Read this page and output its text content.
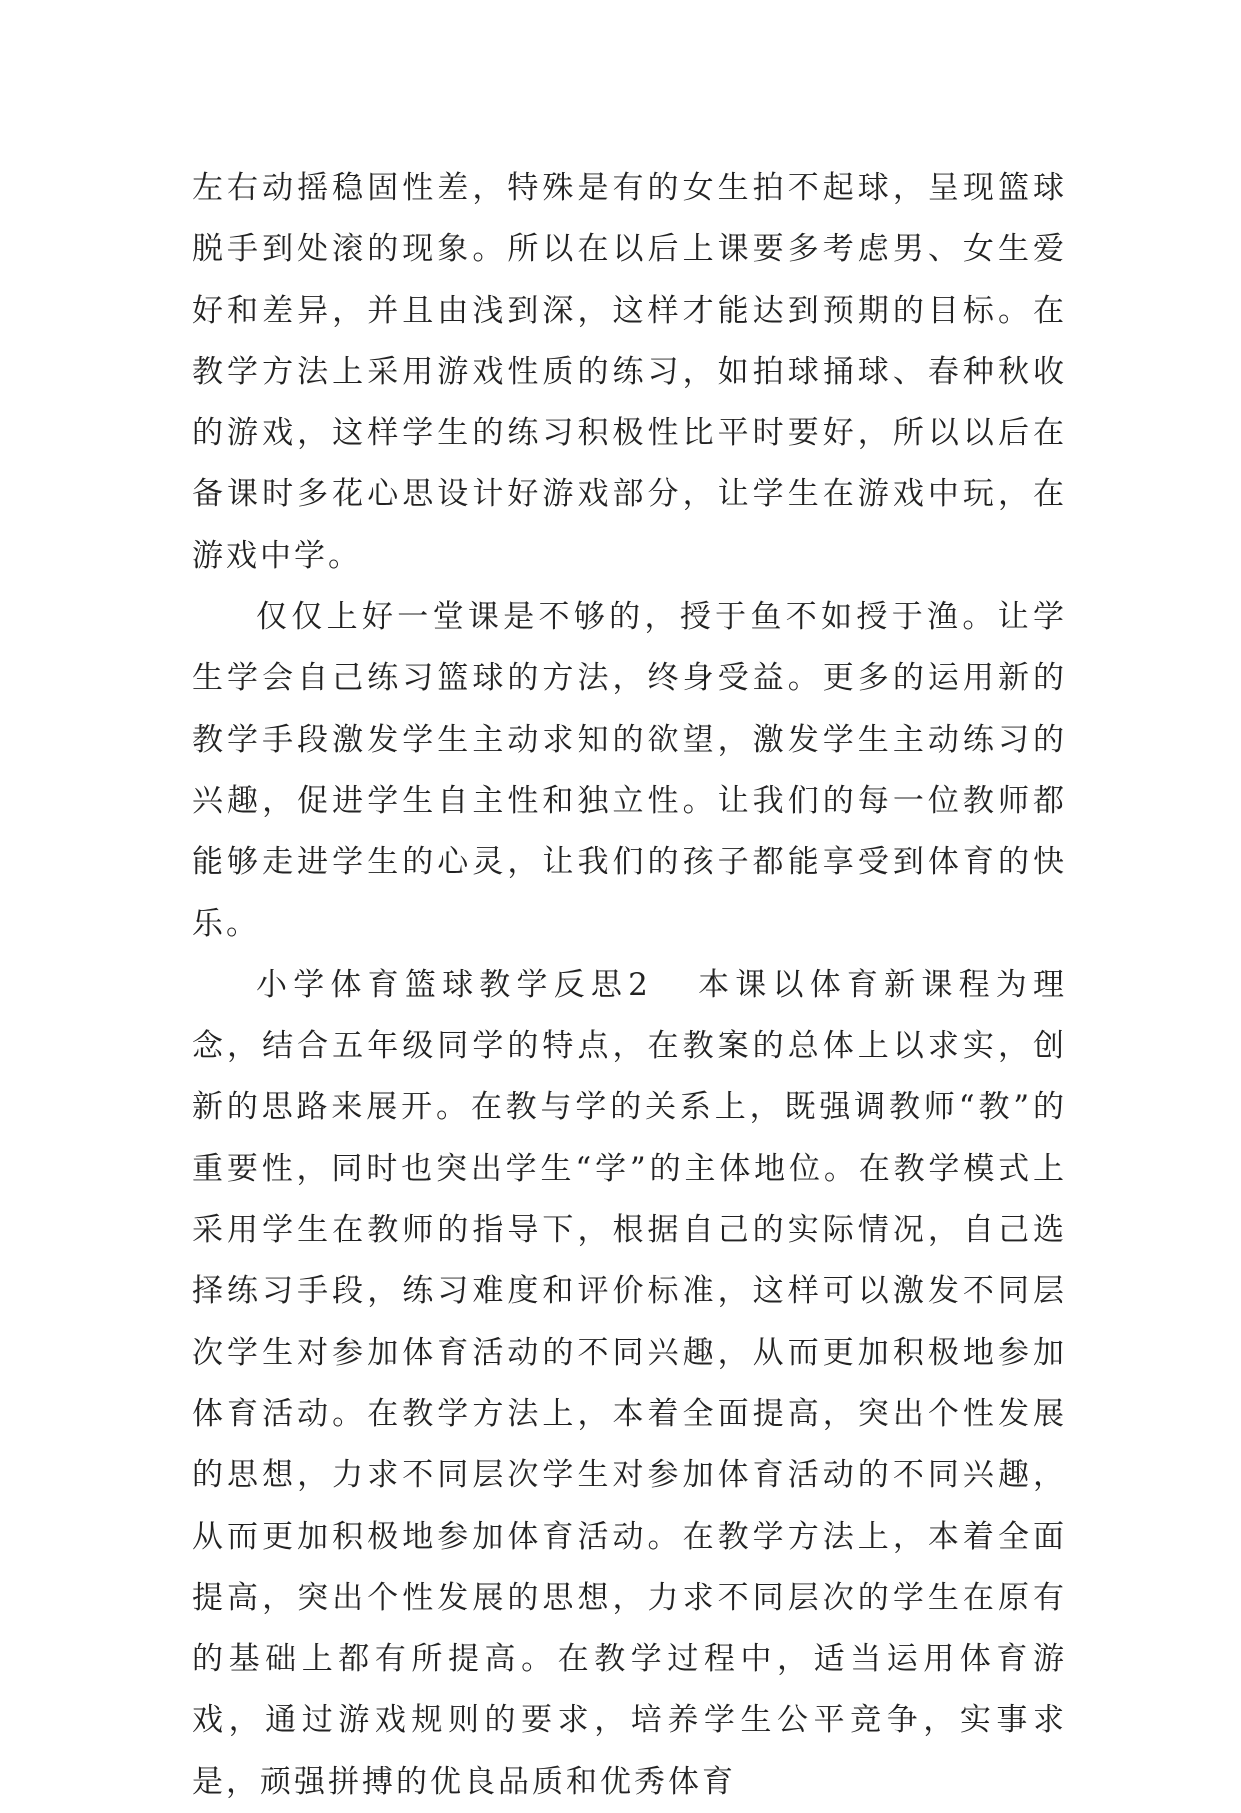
左右动摇稳固性差，特殊是有的女生拍不起球，呈现篮球脱手到处滚的现象。所以在以后上课要多考虑男、女生爱好和差异，并且由浅到深，这样才能达到预期的目标。在教学方法上采用游戏性质的练习，如拍球捅球、春种秋收的游戏，这样学生的练习积极性比平时要好，所以以后在备课时多花心思设计好游戏部分，让学生在游戏中玩，在游戏中学。

仅仅上好一堂课是不够的，授于鱼不如授于渔。让学生学会自己练习篮球的方法，终身受益。更多的运用新的教学手段激发学生主动求知的欲望，激发学生主动练习的兴趣，促进学生自主性和独立性。让我们的每一位教师都能够走进学生的心灵，让我们的孩子都能享受到体育的快乐。

小学体育篮球教学反思2 本课以体育新课程为理念，结合五年级同学的特点，在教案的总体上以求实，创新的思路来展开。在教与学的关系上，既强调教师“教”的重要性，同时也突出学生“学”的主体地位。在教学模式上采用学生在教师的指导下，根据自己的实际情况，自己选择练习手段，练习难度和评价标准，这样可以激发不同层次学生对参加体育活动的不同兴趣，从而更加积极地参加体育活动。在教学方法上，本着全面提高，突出个性发展的思想，力求不同层次学生对参加体育活动的不同兴趣，从而更加积极地参加体育活动。在教学方法上，本着全面提高，突出个性发展的思想，力求不同层次的学生在原有的基础上都有所提高。在教学过程中，适当运用体育游戏，通过游戏规则的要求，培养学生公平竞争，实事求是，顽强拼搏的优良品质和优秀体育
